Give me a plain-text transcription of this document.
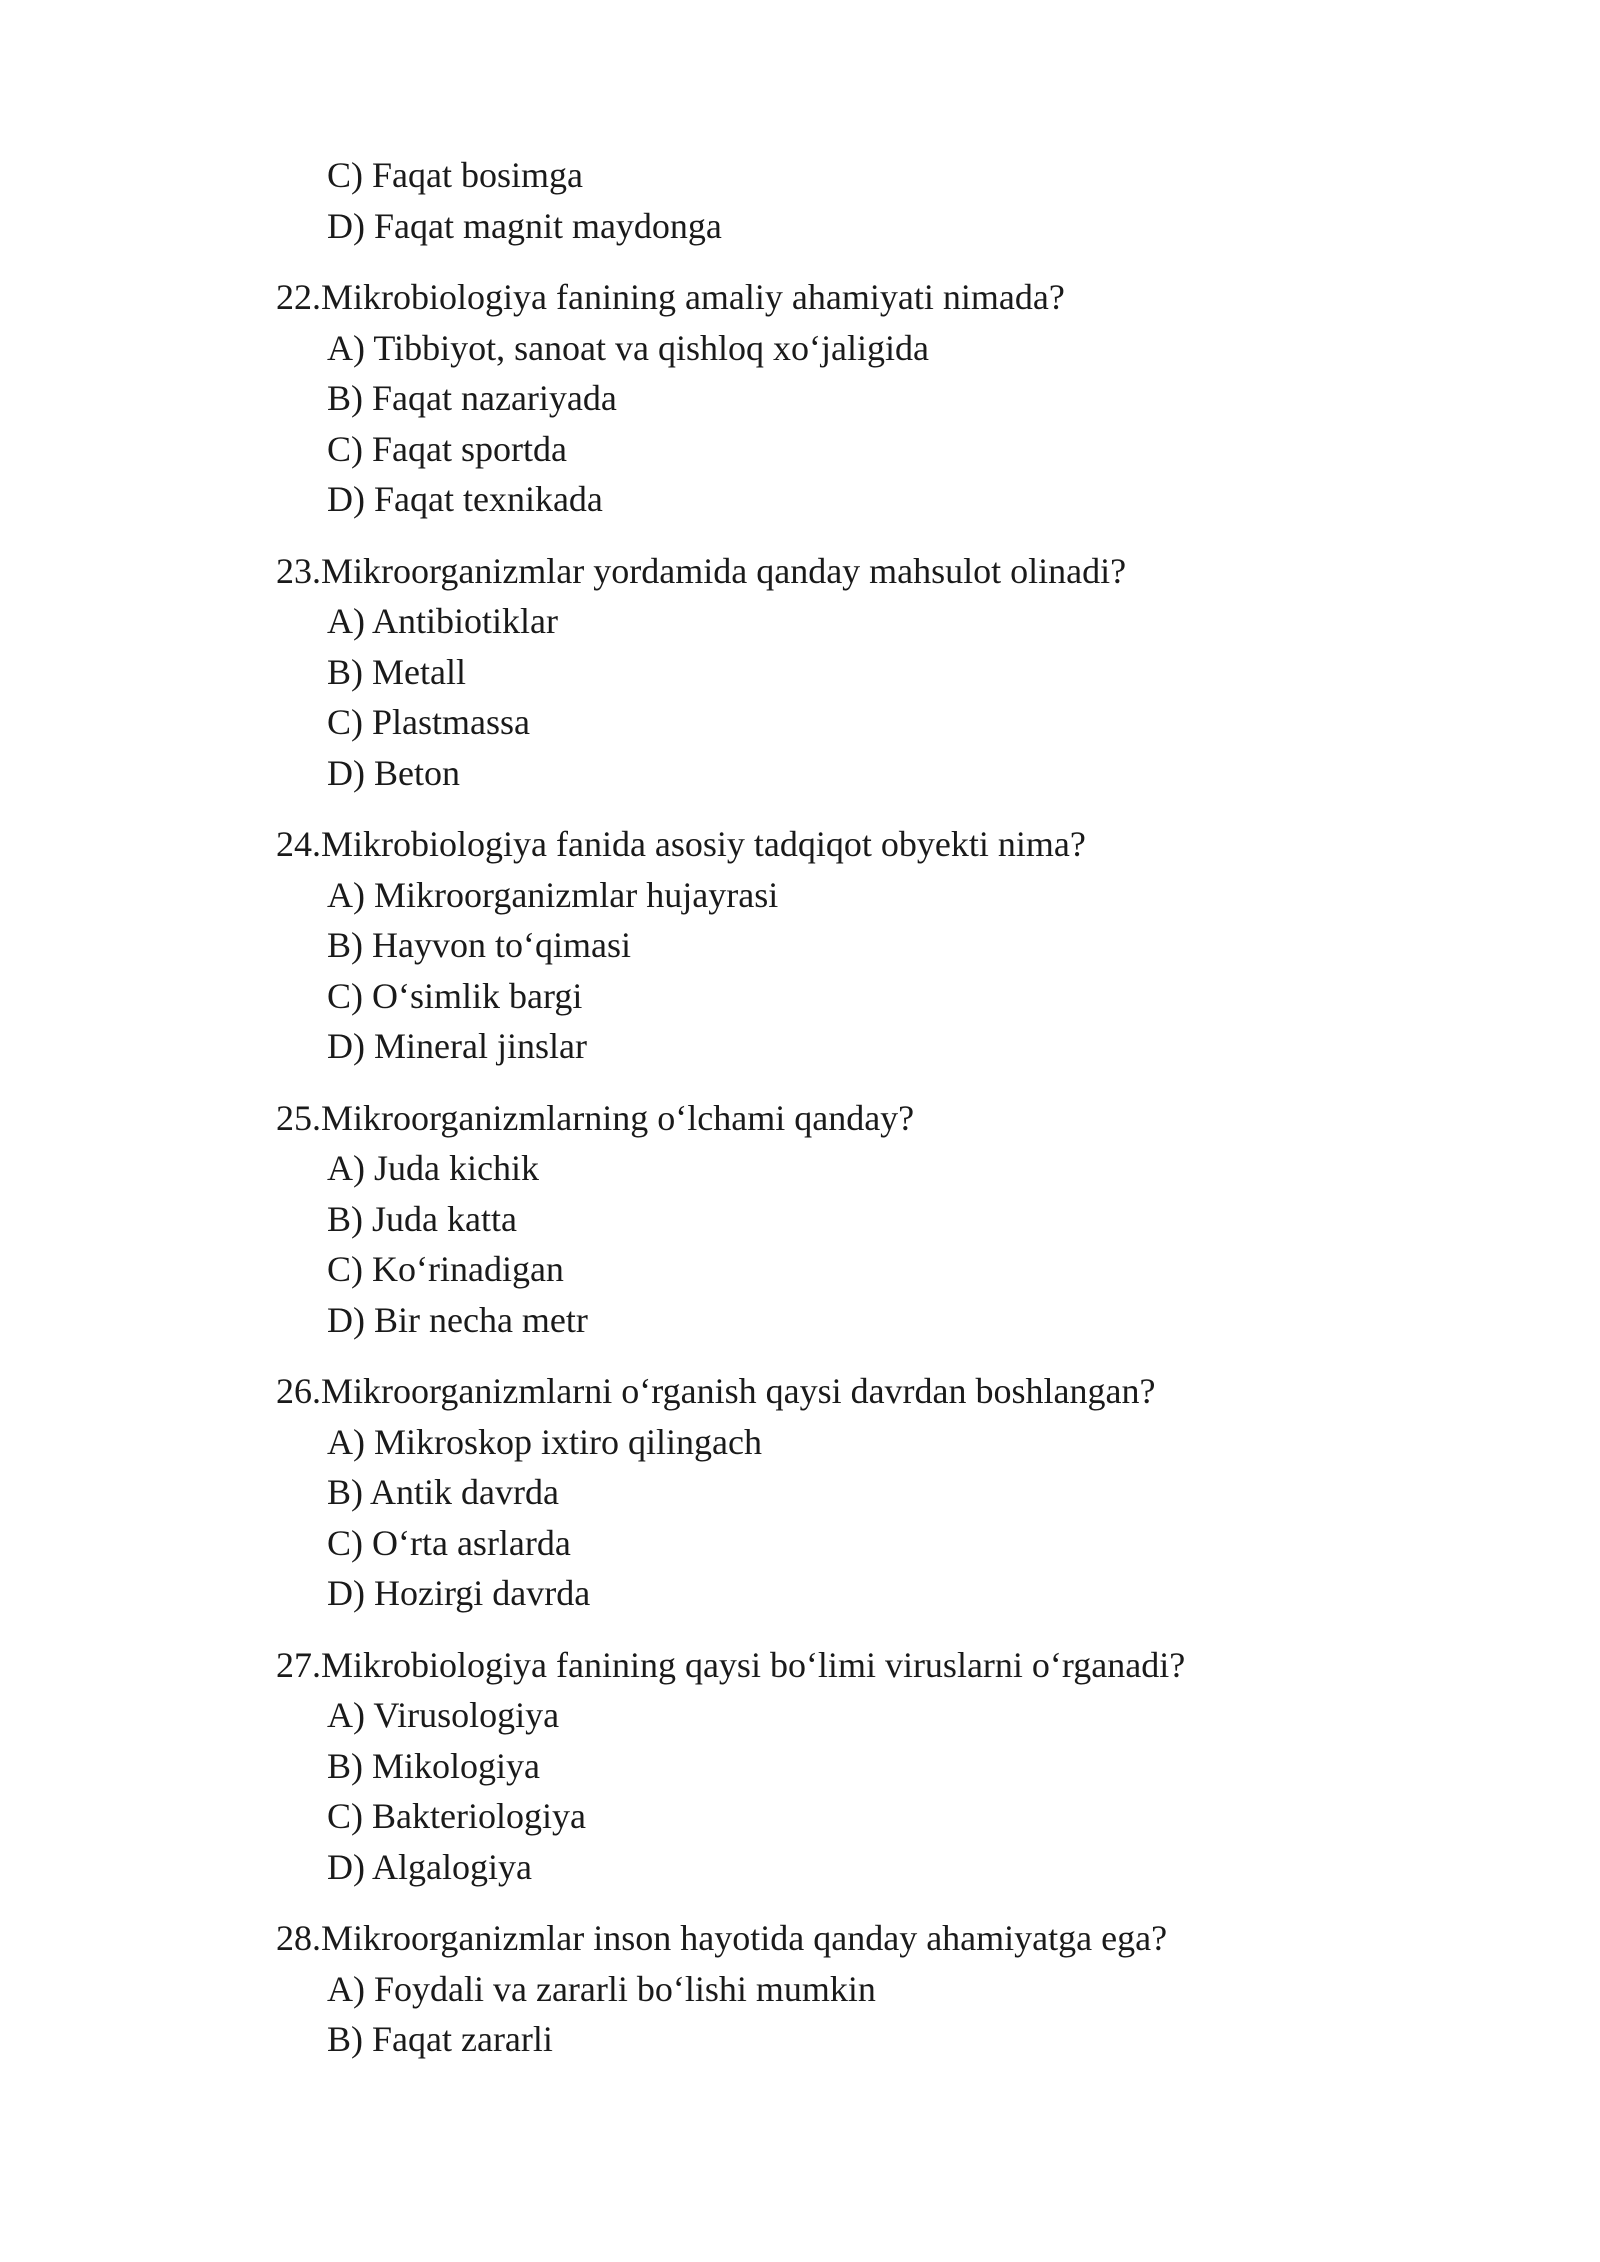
C) Faqat bosimga
D) Faqat magnit maydonga
22.Mikrobiologiya fanining amaliy ahamiyati nimada?
A) Tibbiyot, sanoat va qishloq xo‘jaligida
B) Faqat nazariyada
C) Faqat sportda
D) Faqat texnikada
23.Mikroorganizmlar yordamida qanday mahsulot olinadi?
A) Antibiotiklar
B) Metall
C) Plastmassa
D) Beton
24.Mikrobiologiya fanida asosiy tadqiqot obyekti nima?
A) Mikroorganizmlar hujayrasi
B) Hayvon to‘qimasi
C) O‘simlik bargi
D) Mineral jinslar
25.Mikroorganizmlarning o‘lchami qanday?
A) Juda kichik
B) Juda katta
C) Ko‘rinadigan
D) Bir necha metr
26.Mikroorganizmlarni o‘rganish qaysi davrdan boshlangan?
A) Mikroskop ixtiro qilingach
B) Antik davrda
C) O‘rta asrlarda
D) Hozirgi davrda
27.Mikrobiologiya fanining qaysi bo‘limi viruslarni o‘rganadi?
A) Virusologiya
B) Mikologiya
C) Bakteriologiya
D) Algalogiya
28.Mikroorganizmlar inson hayotida qanday ahamiyatga ega?
A) Foydali va zararli bo‘lishi mumkin
B) Faqat zararli
